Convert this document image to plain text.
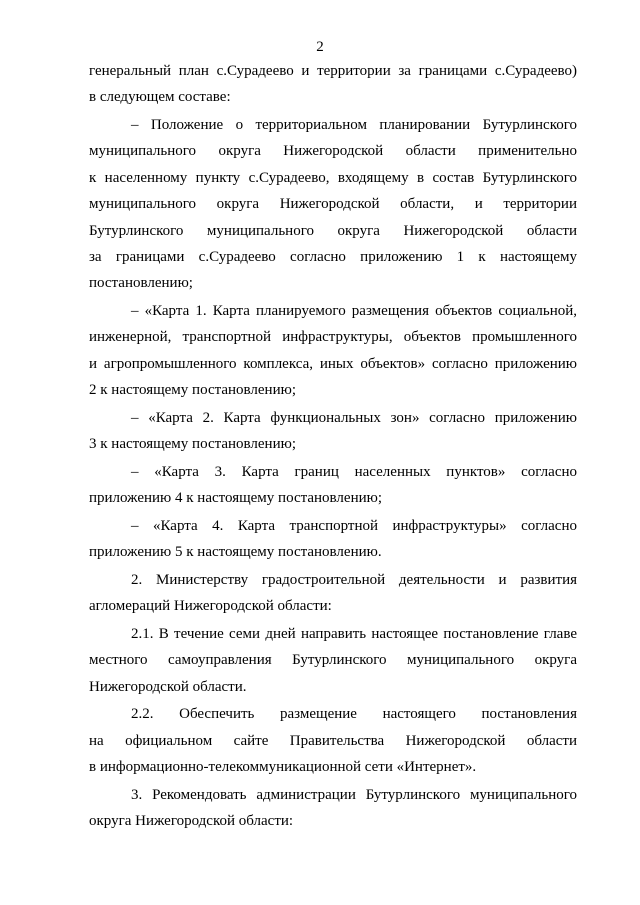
2

генеральный план с.Сурадеево и территории за границами с.Сурадеево)
в следующем составе:

– Положение о территориальном планировании Бутурлинского
муниципального округа Нижегородской области применительно
к населенному пункту с.Сурадеево, входящему в состав Бутурлинского
муниципального округа Нижегородской области, и территории
Бутурлинского муниципального округа Нижегородской области
за границами с.Сурадеево согласно приложению 1 к настоящему
постановлению;

– «Карта 1. Карта планируемого размещения объектов социальной,
инженерной, транспортной инфраструктуры, объектов промышленного
и агропромышленного комплекса, иных объектов» согласно приложению
2 к настоящему постановлению;

– «Карта 2. Карта функциональных зон» согласно приложению
3 к настоящему постановлению;

– «Карта 3. Карта границ населенных пунктов» согласно
приложению 4 к настоящему постановлению;

– «Карта 4. Карта транспортной инфраструктуры» согласно
приложению 5 к настоящему постановлению.

2. Министерству градостроительной деятельности и развития
агломераций Нижегородской области:

2.1. В течение семи дней направить настоящее постановление главе
местного самоуправления Бутурлинского муниципального округа
Нижегородской области.

2.2. Обеспечить размещение настоящего постановления
на официальном сайте Правительства Нижегородской области
в информационно-телекоммуникационной сети «Интернет».

3. Рекомендовать администрации Бутурлинского муниципального
округа Нижегородской области:
